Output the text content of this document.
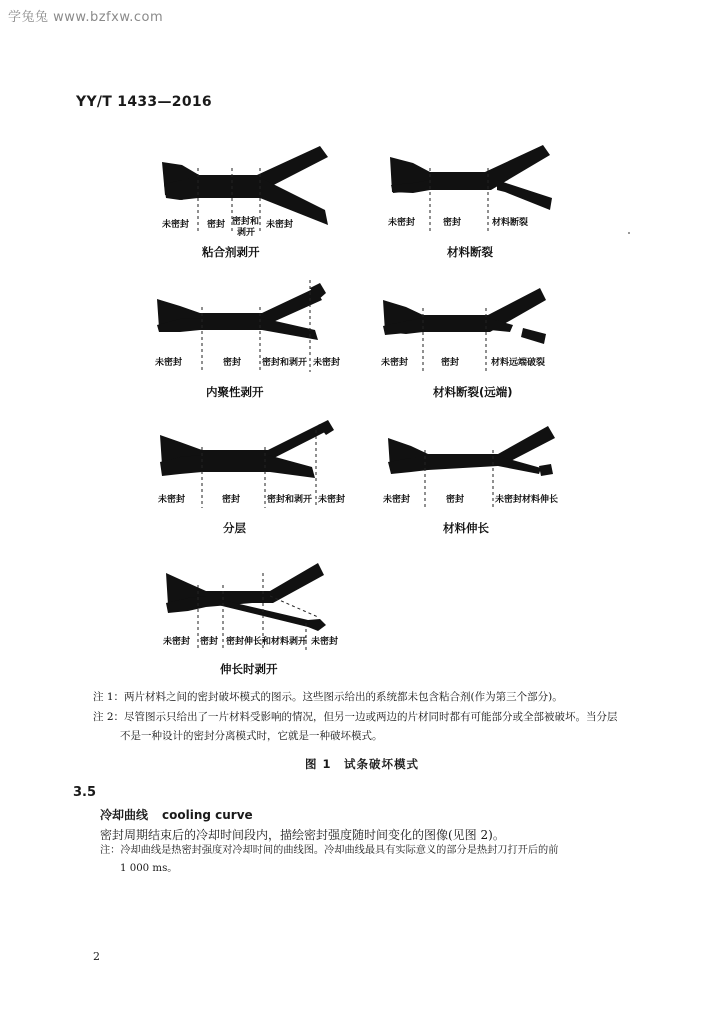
学兔兔 www.bzfxw.com
YY/T 1433—2016
未密封 密封 密封和
剥开
未密封
粘合剂剥开
未密封	密封	材料断裂
材料断裂
未密封	密封 密封和剥开 未密封
内聚性剥开
未密封	密封	材料远端破裂
材料断裂(远端)
未密封	密封	密封和剥开 未密封
分层
未密封	密封	未密封材料伸长
材料伸长
未密封 密封 密封伸长和材料剥开 未密封
伸长时剥开
注 1：两片材料之间的密封破坏模式的图示。这些图示给出的系统都未包含粘合剂(作为第三个部分)。
注 2：尽管图示只给出了一片材料受影响的情况，但另一边或两边的片材同时都有可能部分或全部被破坏。当分层
不是一种设计的密封分离模式时，它就是一种破坏模式。
图 1　试条破坏模式
3.5
冷却曲线 cooling curve
密封周期结束后的冷却时间段内，描绘密封强度随时间变化的图像(见图 2)。
注：冷却曲线是热密封强度对冷却时间的曲线图。冷却曲线最具有实际意义的部分是热封刀打开后的前
1 000 ms。
2
